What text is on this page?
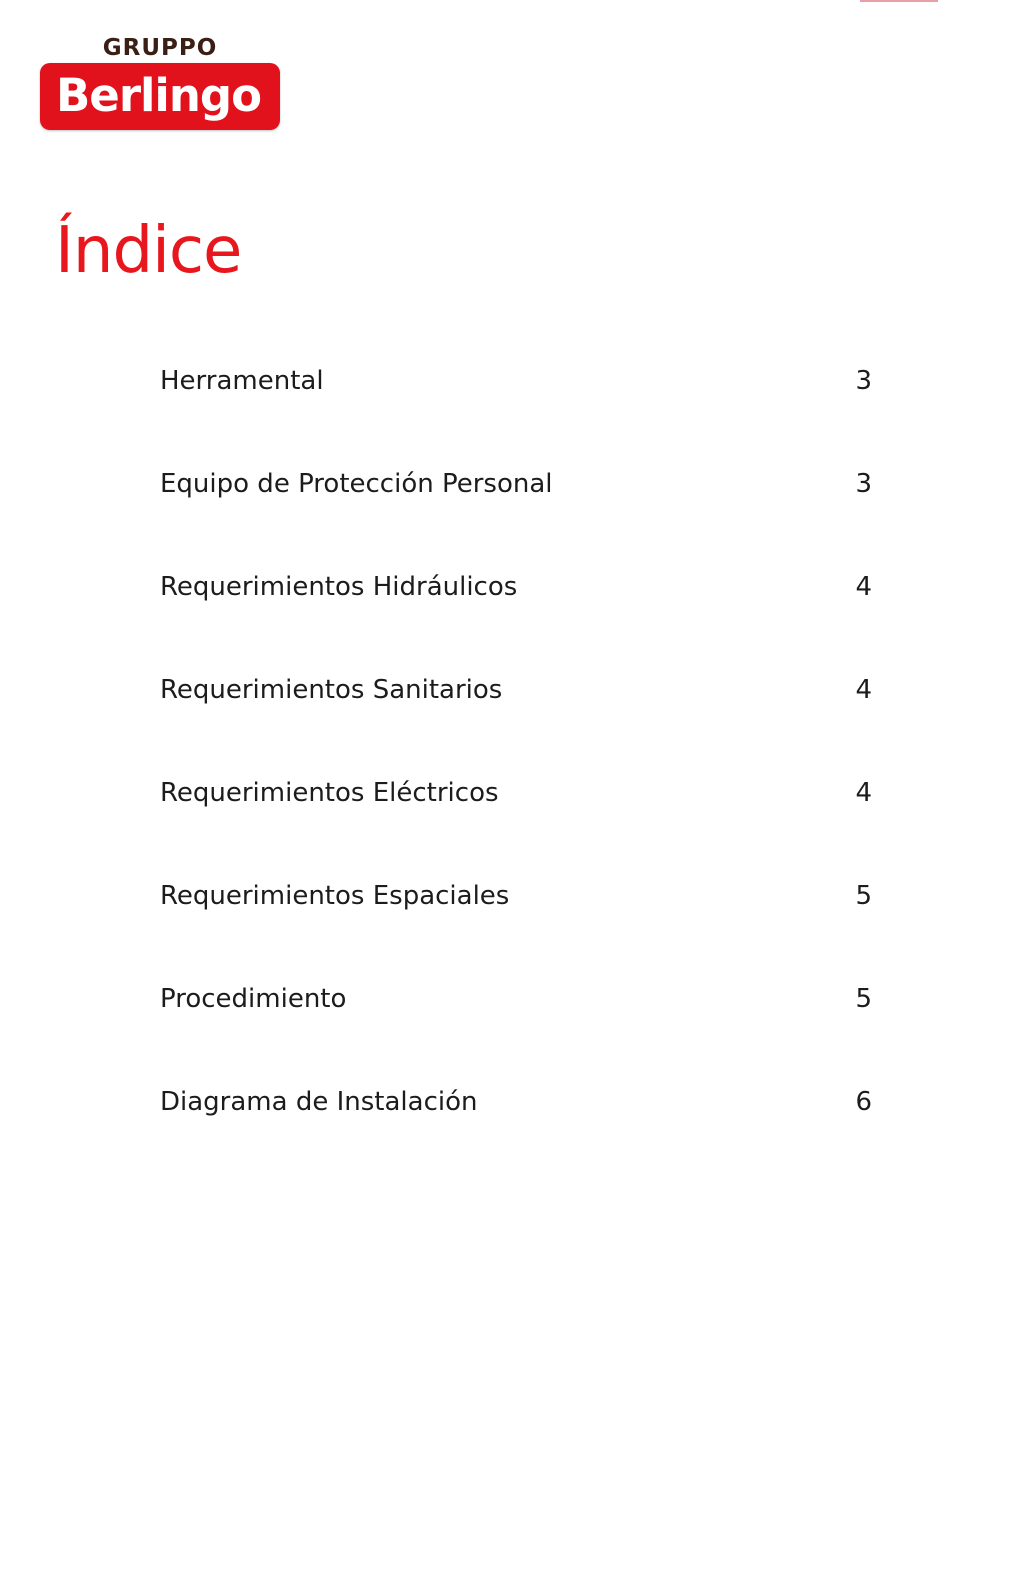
GRUPPO
Berlingo
Índice
Herramental	3
Equipo de Protección Personal	3
Requerimientos Hidráulicos	4
Requerimientos Sanitarios	4
Requerimientos Eléctricos	4
Requerimientos Espaciales	5
Procedimiento	5
Diagrama de Instalación	6
